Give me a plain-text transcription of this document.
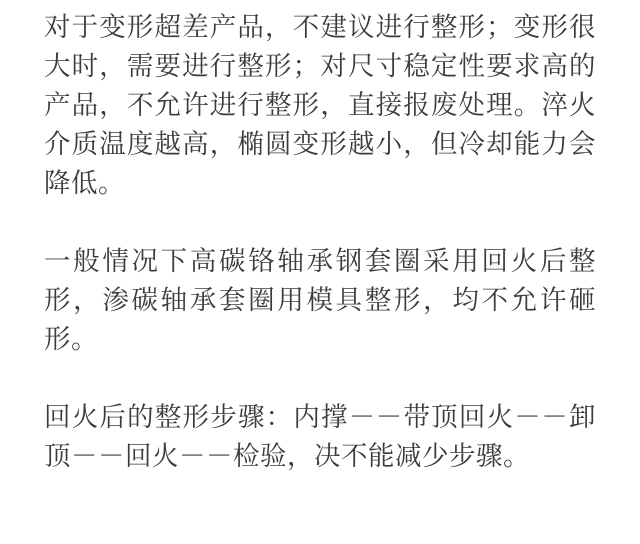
对于变形超差产品，不建议进行整形；变形很大时，需要进行整形；对尺寸稳定性要求高的产品，不允许进行整形，直接报废处理。淬火介质温度越高，椭圆变形越小，但冷却能力会降低。

一般情况下高碳铬轴承钢套圈采用回火后整形，渗碳轴承套圈用模具整形，均不允许砸形。

回火后的整形步骤：内撑－－带顶回火－－卸顶－－回火－－检验，决不能减少步骤。
